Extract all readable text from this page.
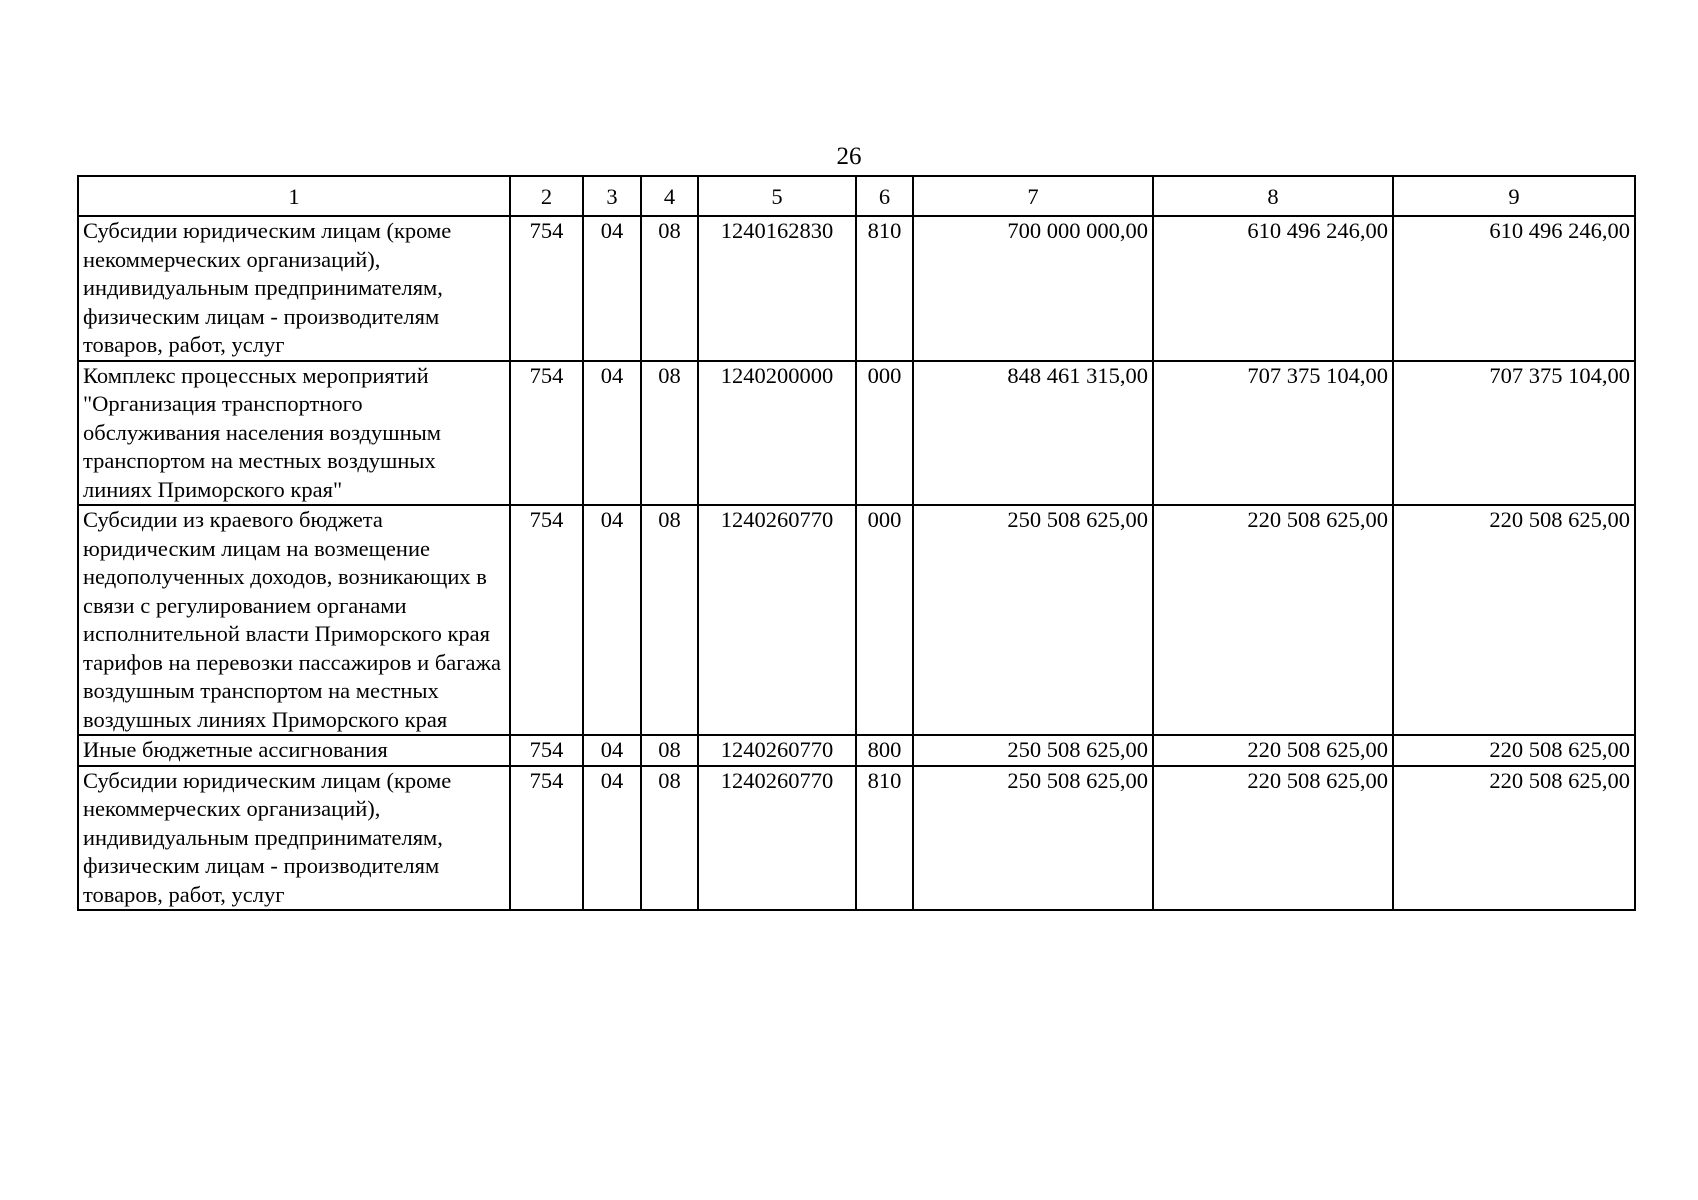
26
1	2	3	4	5	6	7	8	9
Субсидии юридическим лицам (кроме некоммерческих организаций), индивидуальным предпринимателям, физическим лицам - производителям товаров, работ, услуг	754	04	08	1240162830	810	700 000 000,00	610 496 246,00	610 496 246,00
Комплекс процессных мероприятий "Организация транспортного обслуживания населения воздушным транспортом на местных воздушных линиях Приморского края"	754	04	08	1240200000	000	848 461 315,00	707 375 104,00	707 375 104,00
Субсидии из краевого бюджета юридическим лицам на возмещение недополученных доходов, возникающих в связи с регулированием органами исполнительной власти Приморского края тарифов на перевозки пассажиров и багажа воздушным транспортом на местных воздушных линиях Приморского края	754	04	08	1240260770	000	250 508 625,00	220 508 625,00	220 508 625,00
Иные бюджетные ассигнования	754	04	08	1240260770	800	250 508 625,00	220 508 625,00	220 508 625,00
Субсидии юридическим лицам (кроме некоммерческих организаций), индивидуальным предпринимателям, физическим лицам - производителям товаров, работ, услуг	754	04	08	1240260770	810	250 508 625,00	220 508 625,00	220 508 625,00
